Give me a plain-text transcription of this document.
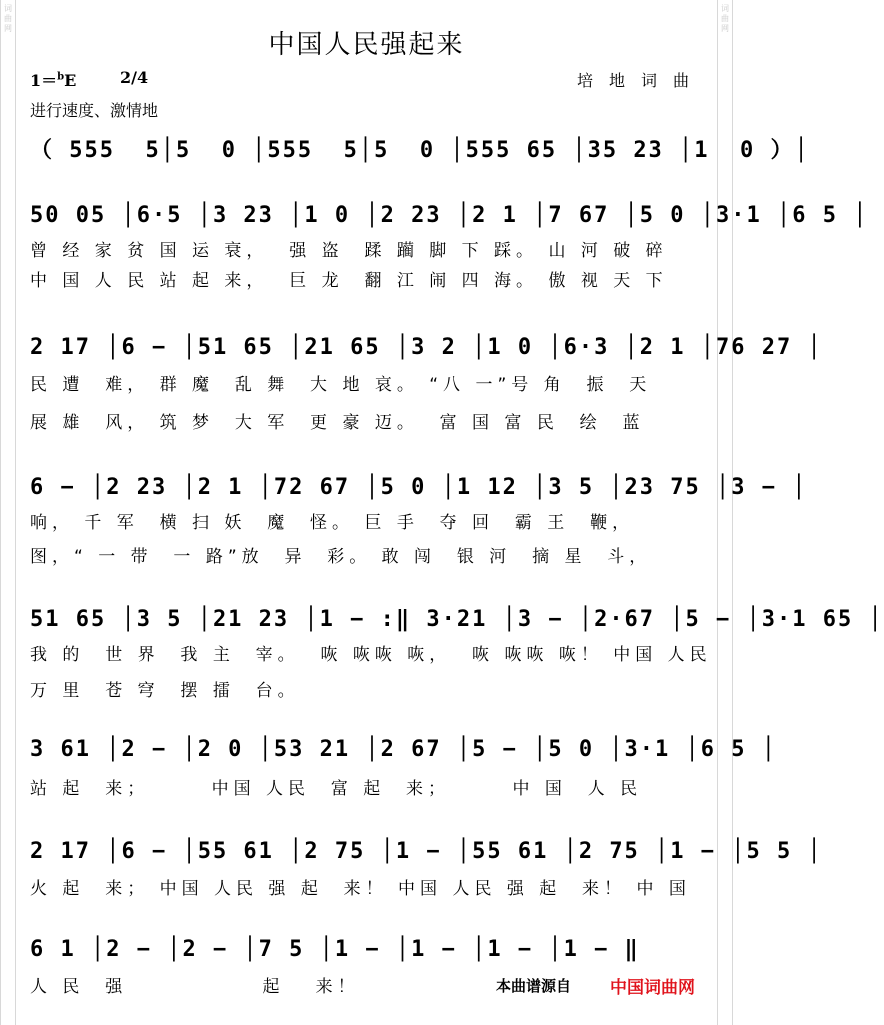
词曲网
词曲网
中国人民强起来
1＝$^b$E	2/4	培地词曲
进行速度、激情地
（ 555  5│5  0 │555  5│5  0 │555 65 │35 23 │1  0 ）│
50 05 │6·5 │3 23 │1 0 │2 23 │2 1 │7 67 │5 0 │3·1 │6 5 │
曾 经 家 贫 国 运 衰，  强 盗  蹂 躏 脚 下 踩。 山 河 破 碎
中 国 人 民 站 起 来，  巨 龙  翻 江 闹 四 海。 傲 视 天 下
2 17 │6 − │51 65 │21 65 │3 2 │1 0 │6·3 │2 1 │76 27 │
民 遭  难， 群 魔  乱 舞  大 地 哀。 “八 一”号 角  振  天
展 雄  风， 筑 梦  大 军  更 豪 迈。  富 国 富 民  绘  蓝
6 − │2 23 │2 1 │72 67 │5 0 │1 12 │3 5 │23 75 │3 − │
响， 千 军  横 扫 妖  魔  怪。 巨 手  夺 回  霸 王  鞭，
图，“ 一 带  一 路”放  异  彩。 敢 闯  银 河  摘 星  斗，
51 65 │3 5 │21 23 │1 − :‖ 3·21 │3 − │2·67 │5 − │3·1 65 │
我 的  世 界  我 主  宰。  咴 咴咴 咴，  咴 咴咴 咴！ 中国 人民
万 里  苍 穹  摆 擂  台。
3 61 │2 − │2 0 │53 21 │2 67 │5 − │5 0 │3·1 │6 5 │
站 起  来；      中国 人民  富 起  来；      中 国  人 民
2 17 │6 − │55 61 │2 75 │1 − │55 61 │2 75 │1 − │5 5 │
火 起  来； 中国 人民 强 起  来！ 中国 人民 强 起  来！ 中 国
6 1 │2 − │2 − │7 5 │1 − │1 − │1 − │1 − ‖
人 民  强             起   来！	本曲谱源自 中国词曲网
